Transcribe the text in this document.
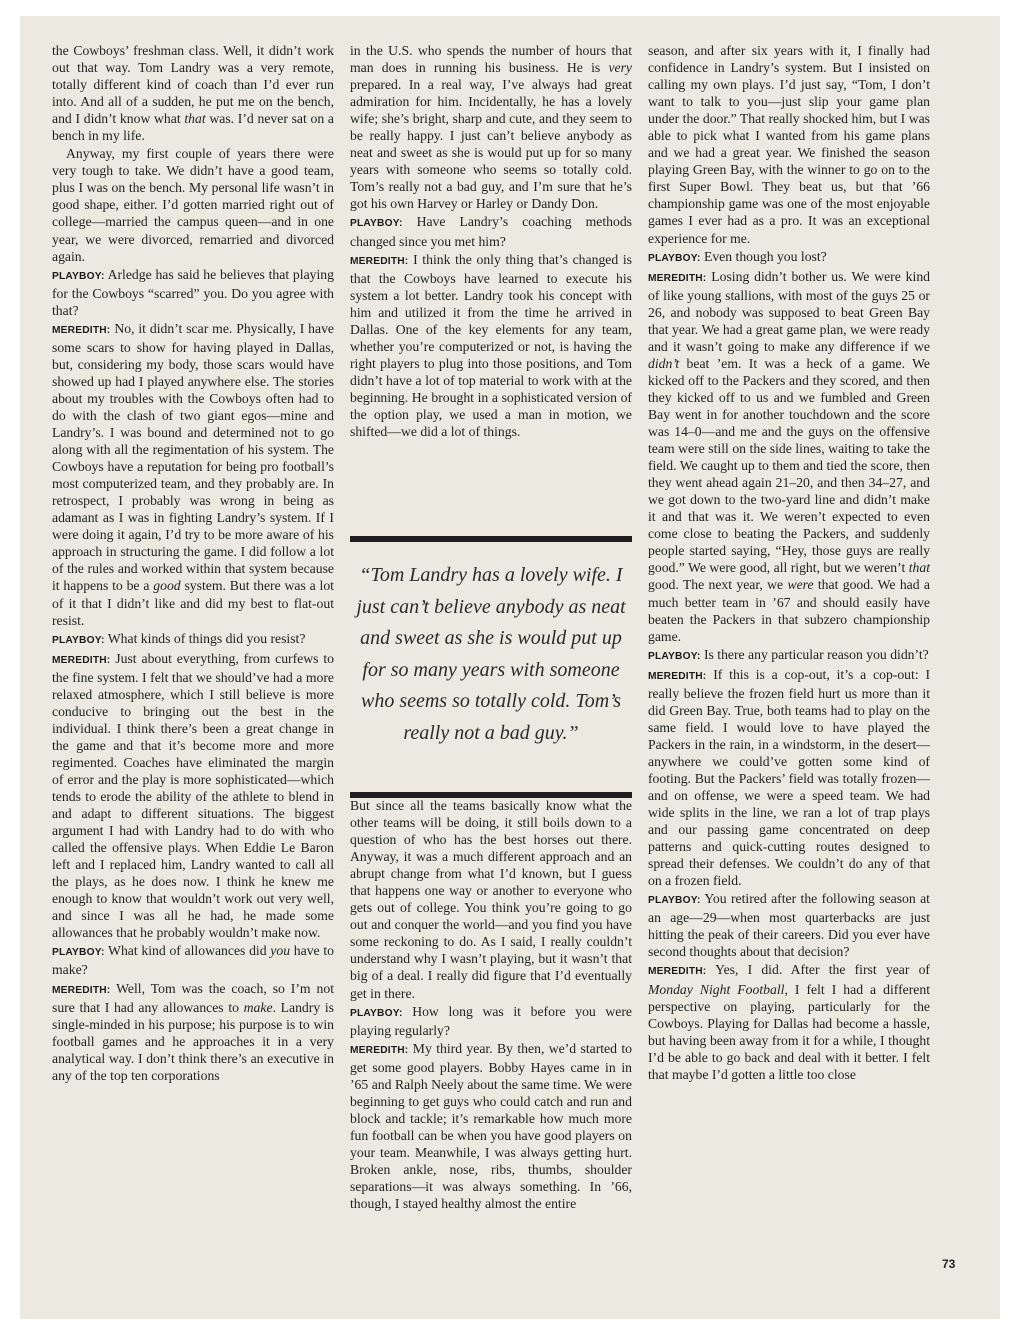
the Cowboys’ freshman class. Well, it didn’t work out that way. Tom Landry was a very remote, totally different kind of coach than I’d ever run into. And all of a sudden, he put me on the bench, and I didn’t know what that was. I’d never sat on a bench in my life.

Anyway, my first couple of years there were very tough to take. We didn’t have a good team, plus I was on the bench. My personal life wasn’t in good shape, either. I’d gotten married right out of college—married the campus queen—and in one year, we were divorced, remarried and divorced again.

PLAYBOY: Arledge has said he believes that playing for the Cowboys “scarred” you. Do you agree with that?

MEREDITH: No, it didn’t scar me. Physically, I have some scars to show for having played in Dallas, but, considering my body, those scars would have showed up had I played anywhere else. The stories about my troubles with the Cowboys often had to do with the clash of two giant egos—mine and Landry’s. I was bound and determined not to go along with all the regimentation of his system. The Cowboys have a reputation for being pro football’s most computerized team, and they probably are. In retrospect, I probably was wrong in being as adamant as I was in fighting Landry’s system. If I were doing it again, I’d try to be more aware of his approach in structuring the game. I did follow a lot of the rules and worked within that system because it happens to be a good system. But there was a lot of it that I didn’t like and did my best to flat-out resist.

PLAYBOY: What kinds of things did you resist?

MEREDITH: Just about everything, from curfews to the fine system. I felt that we should’ve had a more relaxed atmosphere, which I still believe is more conducive to bringing out the best in the individual. I think there’s been a great change in the game and that it’s become more and more regimented. Coaches have eliminated the margin of error and the play is more sophisticated—which tends to erode the ability of the athlete to blend in and adapt to different situations. The biggest argument I had with Landry had to do with who called the offensive plays. When Eddie Le Baron left and I replaced him, Landry wanted to call all the plays, as he does now. I think he knew me enough to know that wouldn’t work out very well, and since I was all he had, he made some allowances that he probably wouldn’t make now.

PLAYBOY: What kind of allowances did you have to make?

MEREDITH: Well, Tom was the coach, so I’m not sure that I had any allowances to make. Landry is single-minded in his purpose; his purpose is to win football games and he approaches it in a very analytical way. I don’t think there’s an executive in any of the top ten corporations

in the U.S. who spends the number of hours that man does in running his business. He is very prepared. In a real way, I’ve always had great admiration for him. Incidentally, he has a lovely wife; she’s bright, sharp and cute, and they seem to be really happy. I just can’t believe anybody as neat and sweet as she is would put up for so many years with someone who seems so totally cold. Tom’s really not a bad guy, and I’m sure that he’s got his own Harvey or Harley or Dandy Don.

PLAYBOY: Have Landry’s coaching methods changed since you met him?

MEREDITH: I think the only thing that’s changed is that the Cowboys have learned to execute his system a lot better. Landry took his concept with him and utilized it from the time he arrived in Dallas. One of the key elements for any team, whether you’re computerized or not, is having the right players to plug into those positions, and Tom didn’t have a lot of top material to work with at the beginning. He brought in a sophisticated version of the option play, we used a man in motion, we shifted—we did a lot of things.

“Tom Landry has a lovely wife. I just can’t believe anybody as neat and sweet as she is would put up for so many years with someone who seems so totally cold. Tom’s really not a bad guy.”

But since all the teams basically know what the other teams will be doing, it still boils down to a question of who has the best horses out there. Anyway, it was a much different approach and an abrupt change from what I’d known, but I guess that happens one way or another to everyone who gets out of college. You think you’re going to go out and conquer the world—and you find you have some reckoning to do. As I said, I really couldn’t understand why I wasn’t playing, but it wasn’t that big of a deal. I really did figure that I’d eventually get in there.

PLAYBOY: How long was it before you were playing regularly?

MEREDITH: My third year. By then, we’d started to get some good players. Bobby Hayes came in in ’65 and Ralph Neely about the same time. We were beginning to get guys who could catch and run and block and tackle; it’s remarkable how much more fun football can be when you have good players on your team. Meanwhile, I was always getting hurt. Broken ankle, nose, ribs, thumbs, shoulder separations—it was always something. In ’66, though, I stayed healthy almost the entire

season, and after six years with it, I finally had confidence in Landry’s system. But I insisted on calling my own plays. I’d just say, “Tom, I don’t want to talk to you—just slip your game plan under the door.” That really shocked him, but I was able to pick what I wanted from his game plans and we had a great year. We finished the season playing Green Bay, with the winner to go on to the first Super Bowl. They beat us, but that ’66 championship game was one of the most enjoyable games I ever had as a pro. It was an exceptional experience for me.

PLAYBOY: Even though you lost?

MEREDITH: Losing didn’t bother us. We were kind of like young stallions, with most of the guys 25 or 26, and nobody was supposed to beat Green Bay that year. We had a great game plan, we were ready and it wasn’t going to make any difference if we didn’t beat ’em. It was a heck of a game. We kicked off to the Packers and they scored, and then they kicked off to us and we fumbled and Green Bay went in for another touchdown and the score was 14–0—and me and the guys on the offensive team were still on the side lines, waiting to take the field. We caught up to them and tied the score, then they went ahead again 21–20, and then 34–27, and we got down to the two-yard line and didn’t make it and that was it. We weren’t expected to even come close to beating the Packers, and suddenly people started saying, “Hey, those guys are really good.” We were good, all right, but we weren’t that good. The next year, we were that good. We had a much better team in ’67 and should easily have beaten the Packers in that subzero championship game.

PLAYBOY: Is there any particular reason you didn’t?

MEREDITH: If this is a cop-out, it’s a cop-out: I really believe the frozen field hurt us more than it did Green Bay. True, both teams had to play on the same field. I would love to have played the Packers in the rain, in a windstorm, in the desert—anywhere we could’ve gotten some kind of footing. But the Packers’ field was totally frozen—and on offense, we were a speed team. We had wide splits in the line, we ran a lot of trap plays and our passing game concentrated on deep patterns and quick-cutting routes designed to spread their defenses. We couldn’t do any of that on a frozen field.

PLAYBOY: You retired after the following season at an age—29—when most quarterbacks are just hitting the peak of their careers. Did you ever have second thoughts about that decision?

MEREDITH: Yes, I did. After the first year of Monday Night Football, I felt I had a different perspective on playing, particularly for the Cowboys. Playing for Dallas had become a hassle, but having been away from it for a while, I thought I’d be able to go back and deal with it better. I felt that maybe I’d gotten a little too close

73
